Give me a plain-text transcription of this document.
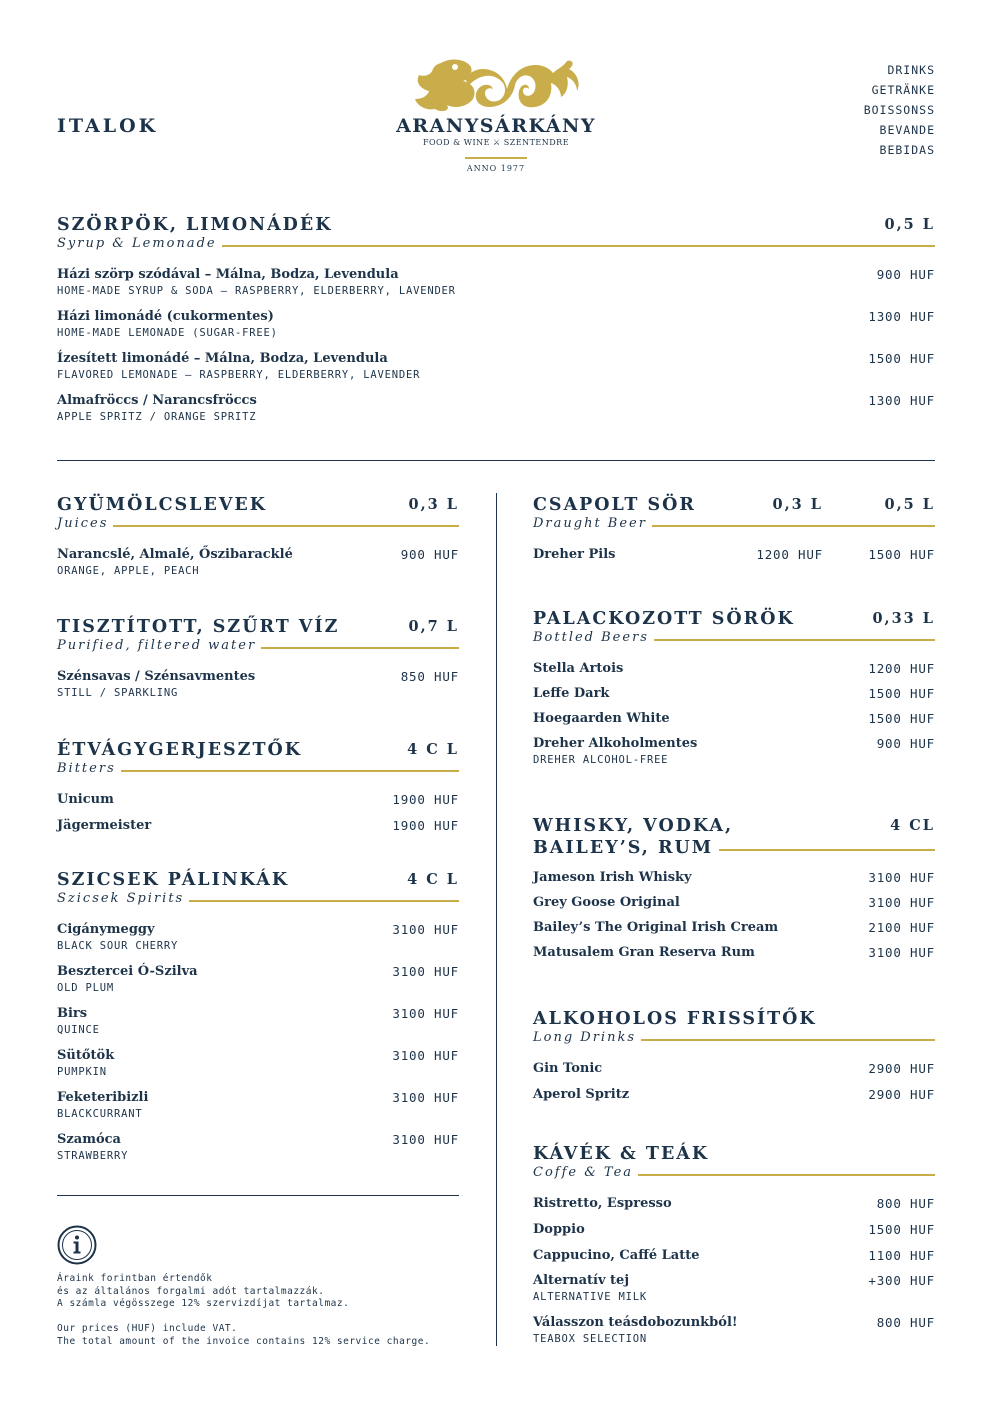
ITALOK	ARANYSÁRKÁNY
FOOD & WINE ⚔ SZENTENDRE
ANNO 1977
DRINKS
GETRÄNKE
BOISSONSS
BEVANDE
BEBIDAS
SZÖRPÖK, LIMONÁDÉK	0,5 L
Syrup & Lemonade
Házi szörp szódával – Málna, Bodza, Levendula
HOME-MADE SYRUP & SODA – RASPBERRY, ELDERBERRY, LAVENDER
900 HUF
Házi limonádé (cukormentes)
HOME-MADE LEMONADE (SUGAR-FREE)
1300 HUF
Ízesített limonádé – Málna, Bodza, Levendula
FLAVORED LEMONADE – RASPBERRY, ELDERBERRY, LAVENDER
1500 HUF
Almafröccs / Narancsfröccs
APPLE SPRITZ / ORANGE SPRITZ
1300 HUF
GYÜMÖLCSLEVEK	0,3 L
Juices
Narancslé, Almalé, Őszibaracklé
ORANGE, APPLE, PEACH
900 HUF
TISZTÍTOTT, SZŰRT VÍZ	0,7 L
Purified, filtered water
Szénsavas / Szénsavmentes
STILL / SPARKLING
850 HUF
ÉTVÁGYGERJESZTŐK	4 C L
Bitters
Unicum	1900 HUF
Jägermeister	1900 HUF
SZICSEK PÁLINKÁK	4 C L
Szicsek Spirits
Cigánymeggy
BLACK SOUR CHERRY
3100 HUF
Besztercei Ó-Szilva
OLD PLUM
3100 HUF
Birs
QUINCE
3100 HUF
Sütőtök
PUMPKIN
3100 HUF
Feketeribizli
BLACKCURRANT
3100 HUF
Szamóca
STRAWBERRY
3100 HUF
Áraink forintban értendők
és az általános forgalmi adót tartalmazzák.
A számla végösszege 12% szervizdíjat tartalmaz.
Our prices (HUF) include VAT.
The total amount of the invoice contains 12% service charge.
CSAPOLT SÖR	0,3 L	0,5 L
Draught Beer
Dreher Pils	1200 HUF	1500 HUF
PALACKOZOTT SÖRÖK	0,33 L
Bottled Beers
Stella Artois	1200 HUF
Leffe Dark	1500 HUF
Hoegaarden White	1500 HUF
Dreher Alkoholmentes
DREHER ALCOHOL-FREE
900 HUF
WHISKY, VODKA,	4 CL
BAILEY’S, RUM
Jameson Irish Whisky	3100 HUF
Grey Goose Original	3100 HUF
Bailey’s The Original Irish Cream	2100 HUF
Matusalem Gran Reserva Rum	3100 HUF
ALKOHOLOS FRISSÍTŐK
Long Drinks
Gin Tonic	2900 HUF
Aperol Spritz	2900 HUF
KÁVÉK & TEÁK
Coffe & Tea
Ristretto, Espresso	800 HUF
Doppio	1500 HUF
Cappucino, Caffé Latte	1100 HUF
Alternatív tej
ALTERNATIVE MILK
+300 HUF
Válasszon teásdobozunkból!
TEABOX SELECTION
800 HUF
